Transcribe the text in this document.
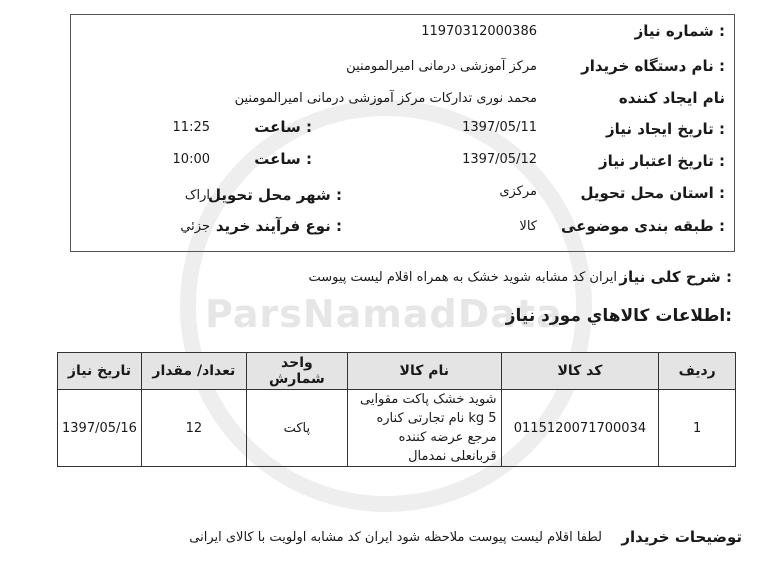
ParsNamadData
شماره نیاز :
11970312000386
نام دستگاه خریدار :
مرکز آموزشی درمانی امیرالمومنین
نام ایجاد کننده
محمد نوری تدارکات مرکز آموزشی درمانی امیرالمومنین
تاریخ ایجاد نیاز :
1397/05/11
ساعت :
11:25
تاریخ اعتبار نیاز :
1397/05/12
ساعت :
10:00
استان محل تحویل :
مرکزی
شهر محل تحویل :
اراک
طبقه بندی موضوعی :
کالا
نوع فرآیند خرید :
جزئي
شرح کلی نیاز :
ایران کد مشابه شوید خشک به همراه اقلام لیست پیوست
اطلاعات کالاهاي مورد نياز:
ردیف	کد کالا	نام کالا	واحد شمارش	تعداد/ مقدار	تاریخ نیاز
1	0115120071700034	شوید خشک پاکت مقوایی 5 kg نام تجارتی کناره مرجع عرضه کننده قربانعلی نمدمال	پاکت	12	1397/05/16
توضیحات خریدار
لطفا اقلام لیست پیوست ملاحظه شود ایران کد مشابه اولویت با کالای ایرانی
